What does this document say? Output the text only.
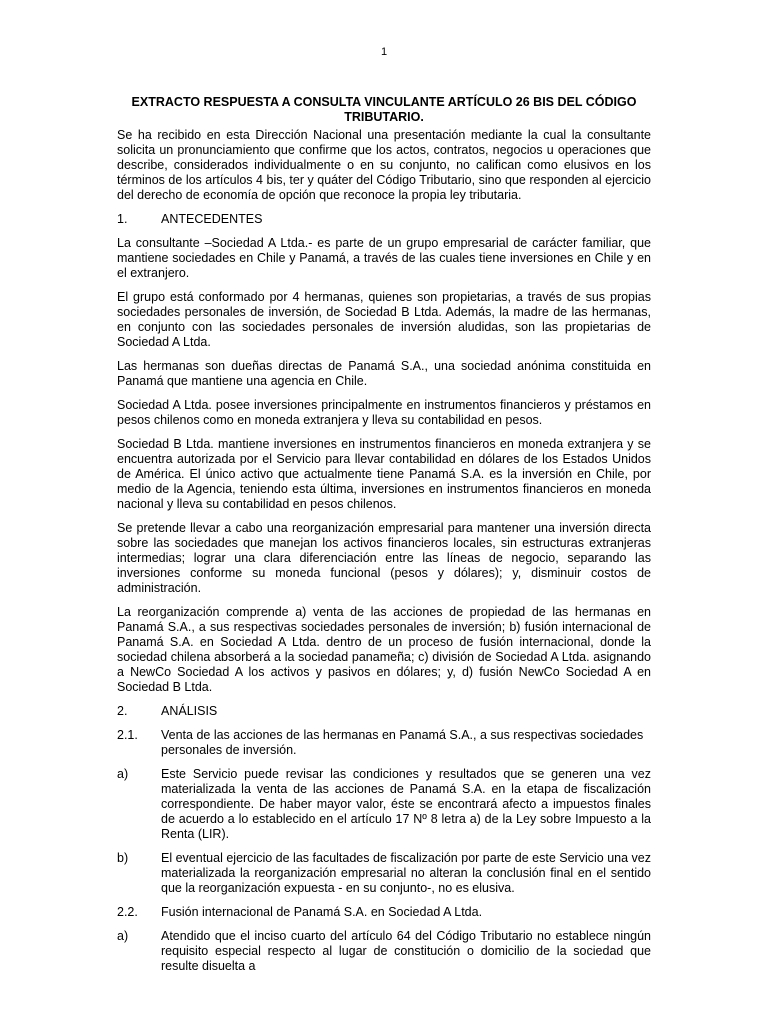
1
EXTRACTO RESPUESTA A CONSULTA VINCULANTE ARTÍCULO 26 BIS DEL CÓDIGO TRIBUTARIO.

Se ha recibido en esta Dirección Nacional una presentación mediante la cual la consultante solicita un pronunciamiento que confirme que los actos, contratos, negocios u operaciones que describe, considerados individualmente o en su conjunto, no califican como elusivos en los términos de los artículos 4 bis, ter y quáter del Código Tributario, sino que responden al ejercicio del derecho de economía de opción que reconoce la propia ley tributaria.

1.	ANTECEDENTES

La consultante –Sociedad A Ltda.- es parte de un grupo empresarial de carácter familiar, que mantiene sociedades en Chile y Panamá, a través de las cuales tiene inversiones en Chile y en el extranjero.

El grupo está conformado por 4 hermanas, quienes son propietarias, a través de sus propias sociedades personales de inversión, de Sociedad B Ltda. Además, la madre de las hermanas, en conjunto con las sociedades personales de inversión aludidas, son las propietarias de Sociedad A Ltda.

Las hermanas son dueñas directas de Panamá S.A., una sociedad anónima constituida en Panamá que mantiene una agencia en Chile.

Sociedad A Ltda. posee inversiones principalmente en instrumentos financieros y préstamos en pesos chilenos como en moneda extranjera y lleva su contabilidad en pesos.

Sociedad B Ltda. mantiene inversiones en instrumentos financieros en moneda extranjera y se encuentra autorizada por el Servicio para llevar contabilidad en dólares de los Estados Unidos de América. El único activo que actualmente tiene Panamá S.A. es la inversión en Chile, por medio de la Agencia, teniendo esta última, inversiones en instrumentos financieros en moneda nacional y lleva su contabilidad en pesos chilenos.

Se pretende llevar a cabo una reorganización empresarial para mantener una inversión directa sobre las sociedades que manejan los activos financieros locales, sin estructuras extranjeras intermedias; lograr una clara diferenciación entre las líneas de negocio, separando las inversiones conforme su moneda funcional (pesos y dólares); y, disminuir costos de administración.

La reorganización comprende a) venta de las acciones de propiedad de las hermanas en Panamá S.A., a sus respectivas sociedades personales de inversión; b) fusión internacional de Panamá S.A. en Sociedad A Ltda. dentro de un proceso de fusión internacional, donde la sociedad chilena absorberá a la sociedad panameña; c) división de Sociedad A Ltda. asignando a NewCo Sociedad A los activos y pasivos en dólares; y, d) fusión NewCo Sociedad A en Sociedad B Ltda.

2.	ANÁLISIS
2.1.	Venta de las acciones de las hermanas en Panamá S.A., a sus respectivas sociedades personales de inversión.
a)	Este Servicio puede revisar las condiciones y resultados que se generen una vez materializada la venta de las acciones de Panamá S.A. en la etapa de fiscalización correspondiente. De haber mayor valor, éste se encontrará afecto a impuestos finales de acuerdo a lo establecido en el artículo 17 Nº 8 letra a) de la Ley sobre Impuesto a la Renta (LIR).
b)	El eventual ejercicio de las facultades de fiscalización por parte de este Servicio una vez materializada la reorganización empresarial no alteran la conclusión final en el sentido que la reorganización expuesta - en su conjunto-, no es elusiva.
2.2.	Fusión internacional de Panamá S.A. en Sociedad A Ltda.
a)	Atendido que el inciso cuarto del artículo 64 del Código Tributario no establece ningún requisito especial respecto al lugar de constitución o domicilio de la sociedad que resulte disuelta a
